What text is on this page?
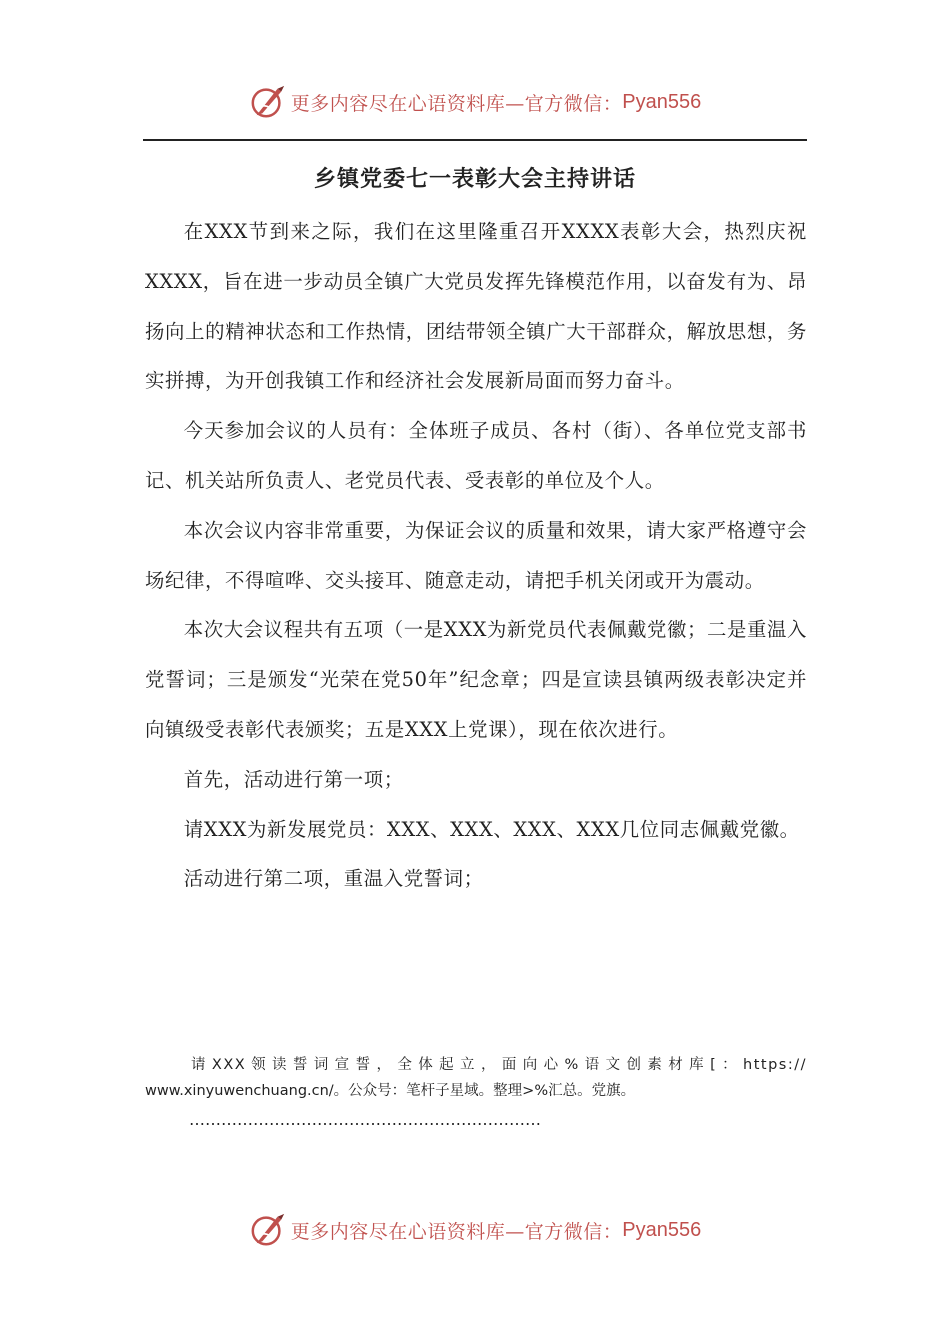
更多内容尽在心语资料库—官方微信： Pyan556
乡镇党委七一表彰大会主持讲话

在XXX节到来之际，我们在这里隆重召开XXXX表彰大会，热烈庆祝XXXX，旨在进一步动员全镇广大党员发挥先锋模范作用，以奋发有为、昂扬向上的精神状态和工作热情，团结带领全镇广大干部群众，解放思想，务实拼搏，为开创我镇工作和经济社会发展新局面而努力奋斗。

今天参加会议的人员有：全体班子成员、各村（街）、各单位党支部书记、机关站所负责人、老党员代表、受表彰的单位及个人。

本次会议内容非常重要，为保证会议的质量和效果，请大家严格遵守会场纪律，不得喧哗、交头接耳、随意走动，请把手机关闭或开为震动。

本次大会议程共有五项（一是XXX为新党员代表佩戴党徽；二是重温入党誓词；三是颁发“光荣在党50年”纪念章；四是宣读县镇两级表彰决定并向镇级受表彰代表颁奖；五是XXX上党课），现在依次进行。

首先，活动进行第一项；

请XXX为新发展党员：XXX、XXX、XXX、XXX几位同志佩戴党徽。

活动进行第二项，重温入党誓词；

请XXX领读誓词宣誓，全体起立，面向心%语文创素材库[：https://
www.xinyuwenchuang.cn/。公众号：笔杆子星域。整理>%汇总。党旗。
…………………………………………………………
更多内容尽在心语资料库—官方微信： Pyan556
